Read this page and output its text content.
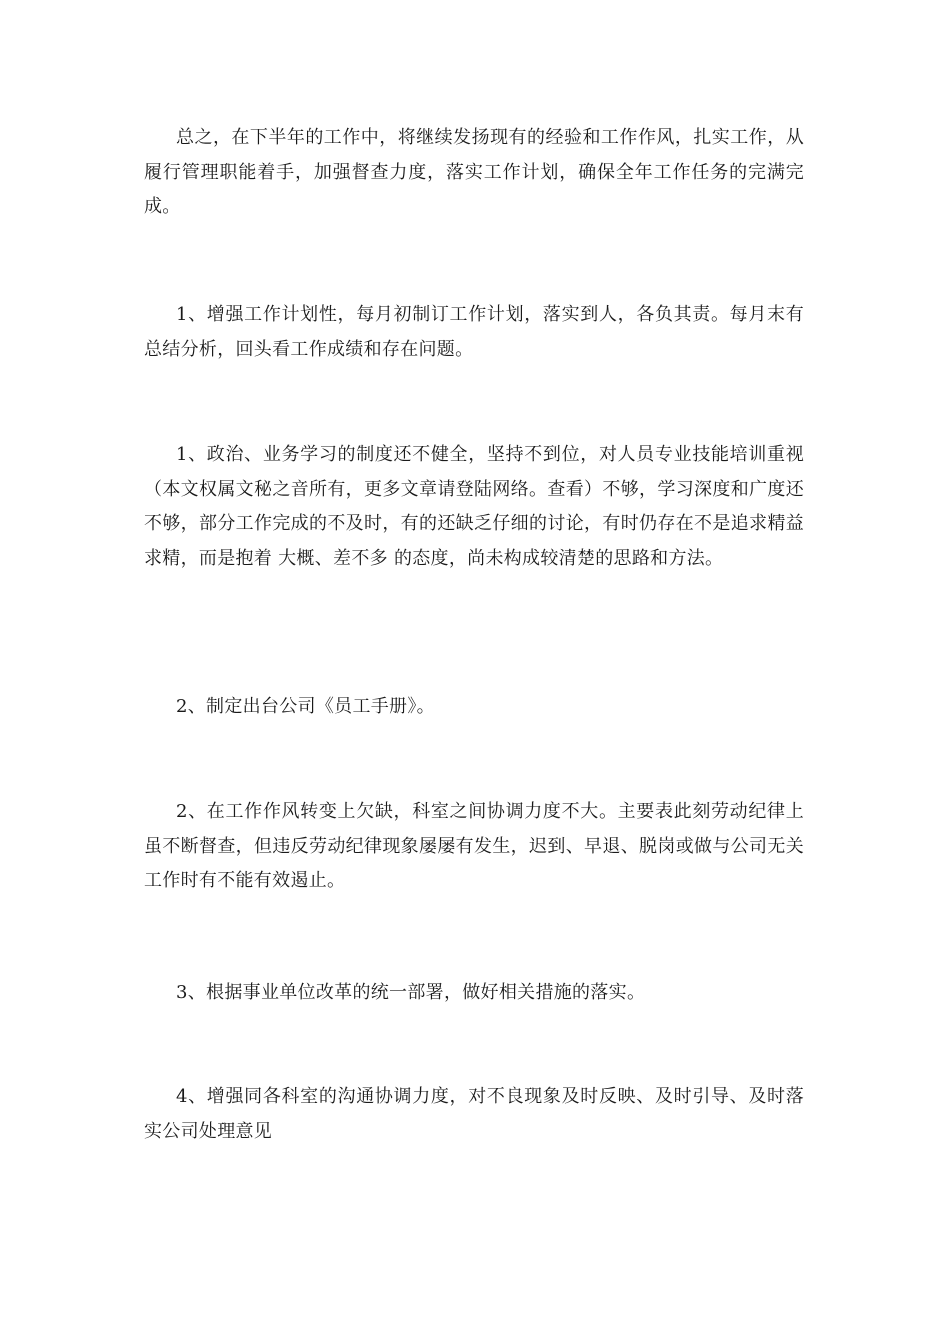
总之，在下半年的工作中，将继续发扬现有的经验和工作作风，扎实工作，从履行管理职能着手，加强督查力度，落实工作计划，确保全年工作任务的完满完成。

1、增强工作计划性，每月初制订工作计划，落实到人，各负其责。每月末有总结分析，回头看工作成绩和存在问题。

1、政治、业务学习的制度还不健全，坚持不到位，对人员专业技能培训重视（本文权属文秘之音所有，更多文章请登陆网络。查看）不够，学习深度和广度还不够，部分工作完成的不及时，有的还缺乏仔细的讨论，有时仍存在不是追求精益求精，而是抱着 大概、差不多 的态度，尚未构成较清楚的思路和方法。

2、制定出台公司《员工手册》。

2、在工作作风转变上欠缺，科室之间协调力度不大。主要表此刻劳动纪律上虽不断督查，但违反劳动纪律现象屡屡有发生，迟到、早退、脱岗或做与公司无关工作时有不能有效遏止。

3、根据事业单位改革的统一部署，做好相关措施的落实。

4、增强同各科室的沟通协调力度，对不良现象及时反映、及时引导、及时落实公司处理意见
